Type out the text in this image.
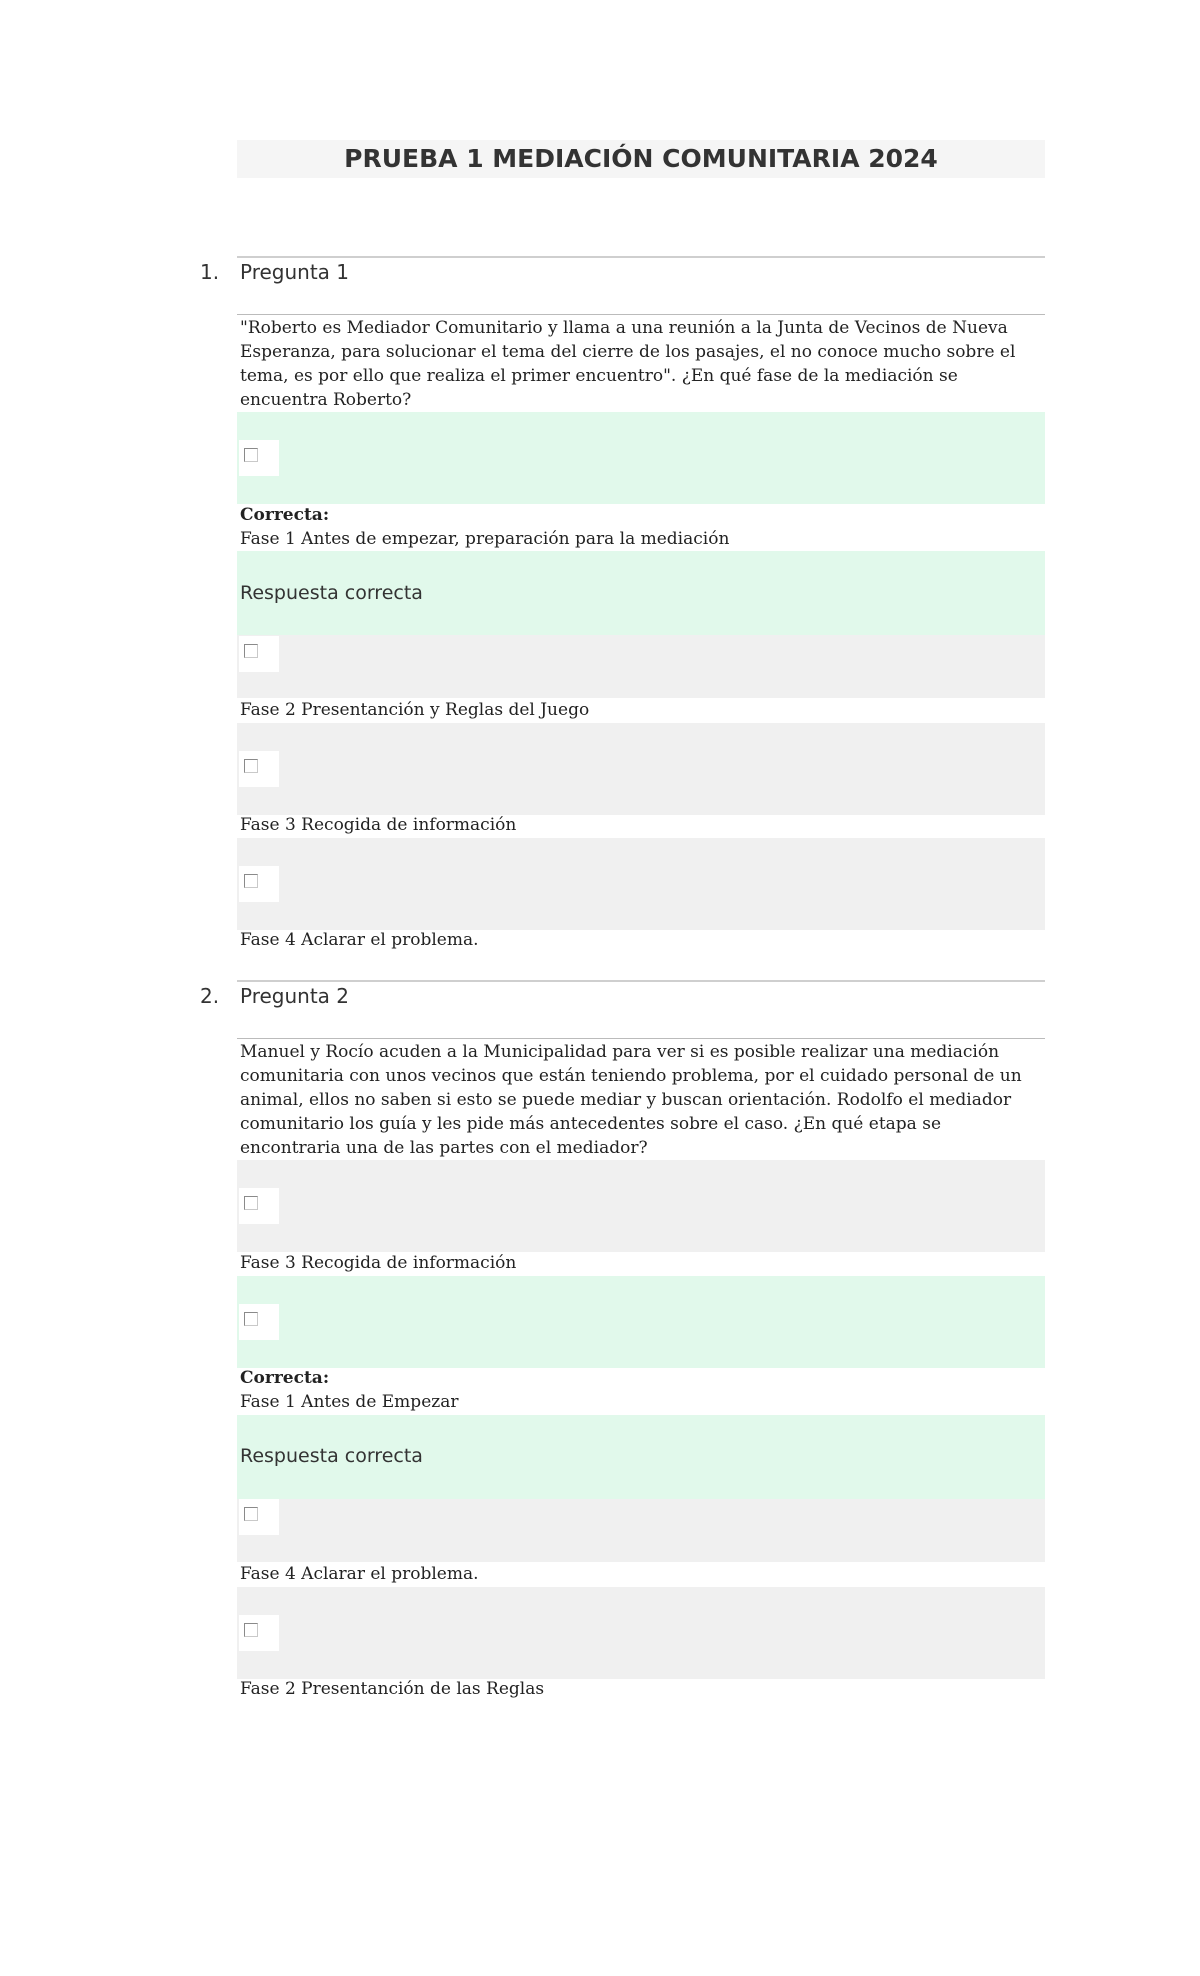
PRUEBA 1 MEDIACIÓN COMUNITARIA 2024
1. Pregunta 1
"Roberto es Mediador Comunitario y llama a una reunión a la Junta de Vecinos de Nueva Esperanza, para solucionar el tema del cierre de los pasajes, el no conoce mucho sobre el tema, es por ello que realiza el primer encuentro". ¿En qué fase de la mediación se encuentra Roberto?
Correcta:
Fase 1 Antes de empezar, preparación para la mediación
Respuesta correcta
Fase 2 Presentanción y Reglas del Juego
Fase 3 Recogida de información
Fase 4 Aclarar el problema.
2. Pregunta 2
Manuel y Rocío acuden a la Municipalidad para ver si es posible realizar una mediación comunitaria con unos vecinos que están teniendo problema, por el cuidado personal de un animal, ellos no saben si esto se puede mediar y buscan orientación. Rodolfo el mediador comunitario los guía y les pide más antecedentes sobre el caso. ¿En qué etapa se encontraria una de las partes con el mediador?
Fase 3 Recogida de información
Correcta:
Fase 1 Antes de Empezar
Respuesta correcta
Fase 4 Aclarar el problema.
Fase 2 Presentanción de las Reglas
